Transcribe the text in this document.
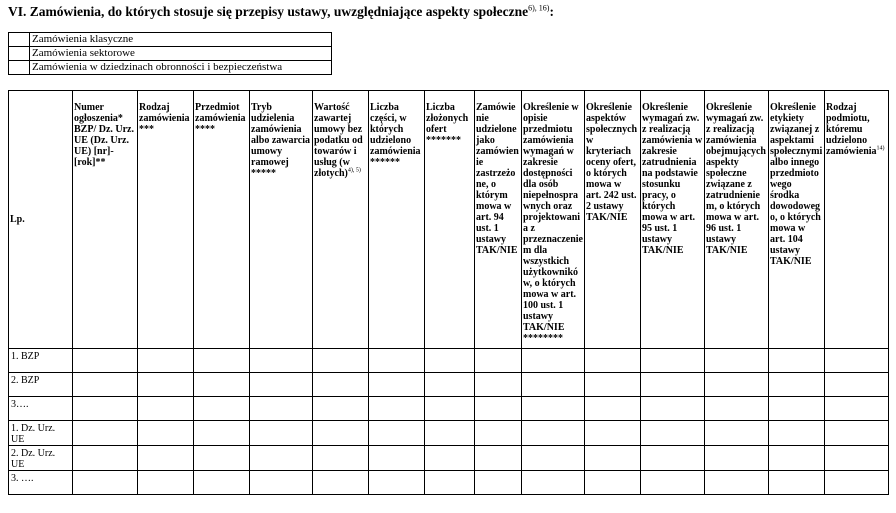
VI. Zamówienia, do których stosuje się przepisy ustawy, uwzględniające aspekty społeczne$^{6), 16)}$:
	Zamówienia klasyczne
	Zamówienia sektorowe
	Zamówienia w dziedzinach obronności i bezpieczeństwa
Lp.	Numer ogłoszenia* BZP/ Dz. Urz. UE (Dz. Urz. UE) [nr]-[rok]**	Rodzaj zamówienia ***	Przedmiot zamówienia ****	Tryb udzielenia zamówienia albo zawarcia umowy ramowej *****	Wartość zawartej umowy bez podatku od towarów i usług (w złotych)$^{4), 5)}$	Liczba części, w których udzielono zamówienia ******	Liczba złożonych ofert *******	Zamówienie udzielone jako zamówienie zastrzeżone, o którym mowa w art. 94 ust. 1 ustawy TAK/NIE	Określenie w opisie przedmiotu zamówienia wymagań w zakresie dostępności dla osób niepełnosprawnych oraz projektowania z przeznaczeniem dla wszystkich użytkowników, o których mowa w art. 100 ust. 1 ustawy TAK/NIE ********	Określenie aspektów społecznych w kryteriach oceny ofert, o których mowa w art. 242 ust. 2 ustawy TAK/NIE	Określenie wymagań zw. z realizacją zamówienia w zakresie zatrudnienia na podstawie stosunku pracy, o których mowa w art. 95 ust. 1 ustawy TAK/NIE	Określenie wymagań zw. z realizacją zamówienia obejmujących aspekty społeczne związane z zatrudnieniem, o których mowa w art. 96 ust. 1 ustawy TAK/NIE	Określenie etykiety związanej z aspektami społecznymi albo innego przedmiotowego środka dowodowego, o których mowa w art. 104 ustawy TAK/NIE	Rodzaj podmiotu, któremu udzielono zamówienia$^{14)}$
1. BZP														
2. BZP														
3….														
1. Dz. Urz. UE														
2. Dz. Urz. UE														
3. ….														
